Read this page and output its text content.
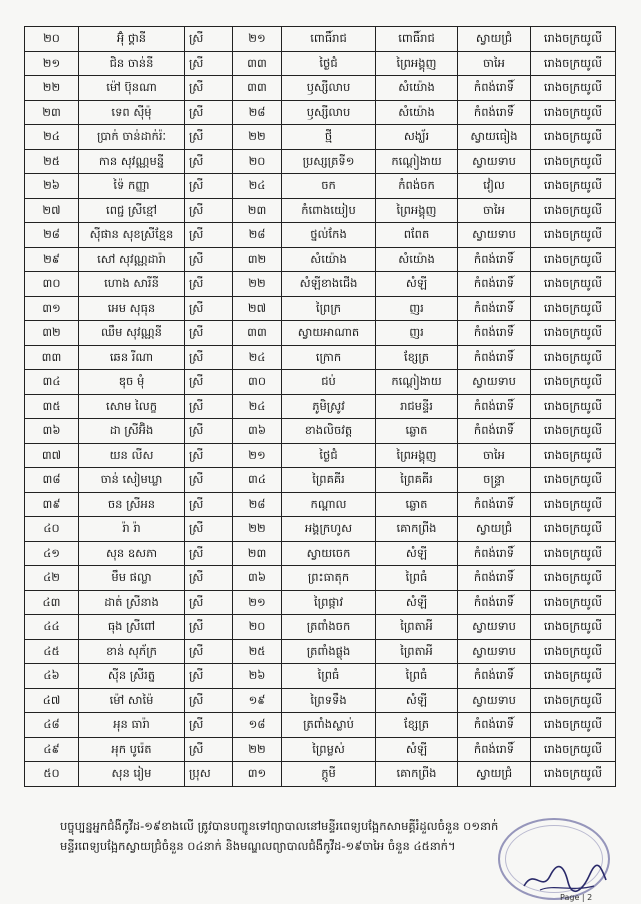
២០	អ៊ុំ ថ្គានី	ស្រី	២១	ពោធិ៍រាជ	ពោធិ៍រាជ	ស្វាយជ្រំ	រោងចក្រយូលី
២១	ជិន ចាន់នី	ស្រី	៣៣	ថ្ងៃជំ	ព្រៃអង្គុញ	ចាអៃ	រោងចក្រយូលី
២២	ម៉ៅ ប៊ុនណា	ស្រី	៣៣	ឫស្សីលាប	សំយ៉ោង	កំពង់រោទិ៍	រោងចក្រយូលី
២៣	ទេព ស៊ីម៉ុ	ស្រី	២៨	ឫស្សីលាប	សំយ៉ោង	កំពង់រោទិ៍	រោងចក្រយូលី
២៤	ប្រាក់ ចាន់ដាក់រ៉ៈ	ស្រី	២២	ថ្មី	សង្ឃ័រ	ស្វាយធៀង	រោងចក្រយូលី
២៥	កាន សុវណ្ណមន្នី	ស្រី	២០	ប្រស្សត្រទី១	កណ្តៀងាយ	ស្វាយទាប	រោងចក្រយូលី
២៦	ទ៉ៃ កញ្ញា	ស្រី	២៤	ចក	កំពង់ចក	វៀល	រោងចក្រយូលី
២៧	ពេជ្ជ ស្រីខ្មៅ	ស្រី	២៣	កំពោងយៀប	ព្រៃអង្គុញ	ចាអៃ	រោងចក្រយូលី
២៨	ស៊ីផាន សុខស្រីខ្មែន	ស្រី	២៨	ថ្នល់កែង	ពពែត	ស្វាយទាប	រោងចក្រយូលី
២៩	សៅ សុវណ្ណដារ៉ា	ស្រី	៣២	សំយ៉ោង	សំយ៉ោង	កំពង់រោទិ៍	រោងចក្រយូលី
៣០	ហោង សារីនី	ស្រី	២២	សំឡីខាងជើង	សំឡី	កំពង់រោទិ៍	រោងចក្រយូលី
៣១	អេម សុធុន	ស្រី	២៧	ព្រៃក្រ	ញរ	កំពង់រោទិ៍	រោងចក្រយូលី
៣២	ឈឹម សុវណ្ណនី	ស្រី	៣៣	ស្វាយអាណាត	ញរ	កំពង់រោទិ៍	រោងចក្រយូលី
៣៣	ឆេន រីណា	ស្រី	២៤	ក្រោក	ខ្សែត្រ	កំពង់រោទិ៍	រោងចក្រយូលី
៣៤	ឌុច មុំ	ស្រី	៣០	ជប់	កណ្តៀងាយ	ស្វាយទាប	រោងចក្រយូលី
៣៥	សោម លៃក្ខ	ស្រី	២៤	ភូមិស្រូវ	រាជមន្ទីរ	កំពង់រោទិ៍	រោងចក្រយូលី
៣៦	ដា ស្រីអ៊ិង	ស្រី	៣៦	ខាងលិចវត្ត	ឆ្លោត	កំពង់រោទិ៍	រោងចក្រយូលី
៣៧	យន លីស	ស្រី	២១	ថ្ងៃជំ	ព្រៃអង្គុញ	ចាអៃ	រោងចក្រយូលី
៣៨	ចាន់ សៀមឃ្លា	ស្រី	៣៤	ព្រៃគគីរ	ព្រៃគគីរ	ចន្ទ្រា	រោងចក្រយូលី
៣៩	ចន ស្រីអន	ស្រី	២៨	កណ្តាល	ឆ្លោត	កំពង់រោទិ៍	រោងចក្រយូលី
៤០	រ៉ា រ៉ា	ស្រី	២២	អង្គក្រហូស	គោកព្រីង	ស្វាយជ្រំ	រោងចក្រយូលី
៤១	សុន ឧសភា	ស្រី	២៣	ស្វាយចេក	សំឡី	កំពង់រោទិ៍	រោងចក្រយូលី
៤២	មឹម ផល្លា	ស្រី	៣៦	ព្រះធាតុក	ព្រៃធំ	កំពង់រោទិ៍	រោងចក្រយូលី
៤៣	ដាត់ ស្រីនាង	ស្រី	២១	ព្រៃផ្កាវ	សំឡី	កំពង់រោទិ៍	រោងចក្រយូលី
៤៤	ធុង ស្រីពៅ	ស្រី	២០	ត្រពាំងចក	ព្រៃតាអី	ស្វាយទាប	រោងចក្រយូលី
៤៥	ខាន់ សុភ័ក្រ	ស្រី	២៥	ត្រពាំងផ្លុង	ព្រៃតាអី	ស្វាយទាប	រោងចក្រយូលី
៤៦	ស៊ីន ស្រីរត្ន	ស្រី	២៦	ព្រៃធំ	ព្រៃធំ	កំពង់រោទិ៍	រោងចក្រយូលី
៤៧	ម៉ៅ សាម៉ៃ	ស្រី	១៩	ព្រៃទទឹង	សំឡី	ស្វាយទាប	រោងចក្រយូលី
៤៨	អុន ធារ៉ា	ស្រី	១៨	ត្រពាំងស្លាប់	ខ្សែត្រ	កំពង់រោទិ៍	រោងចក្រយូលី
៤៩	អុក បូរ៉េត	ស្រី	២២	ព្រៃម្លស់	សំឡី	កំពង់រោទិ៍	រោងចក្រយូលី
៥០	សុន រៀម	ប្រុស	៣១	ក្តូមី	គោកព្រីង	ស្វាយជ្រំ	រោងចក្រយូលី
បច្ចុប្បន្នអ្នកជំងឺកូវីដ-១៩ខាងលើ ត្រូវបានបញ្ជូនទៅព្យាបាលនៅមន្ទីរពេទ្យបង្អែកសាមគ្គីរំដួលចំនួន ០១នាក់
មន្ទីរពេទ្យបង្អែកស្វាយជ្រំចំនួន ០៤នាក់ និងមណ្ឌលព្យាបាលជំងឺកូវីដ-១៩ចាអៃ ចំនួន ៤៥នាក់។
Page | 2
